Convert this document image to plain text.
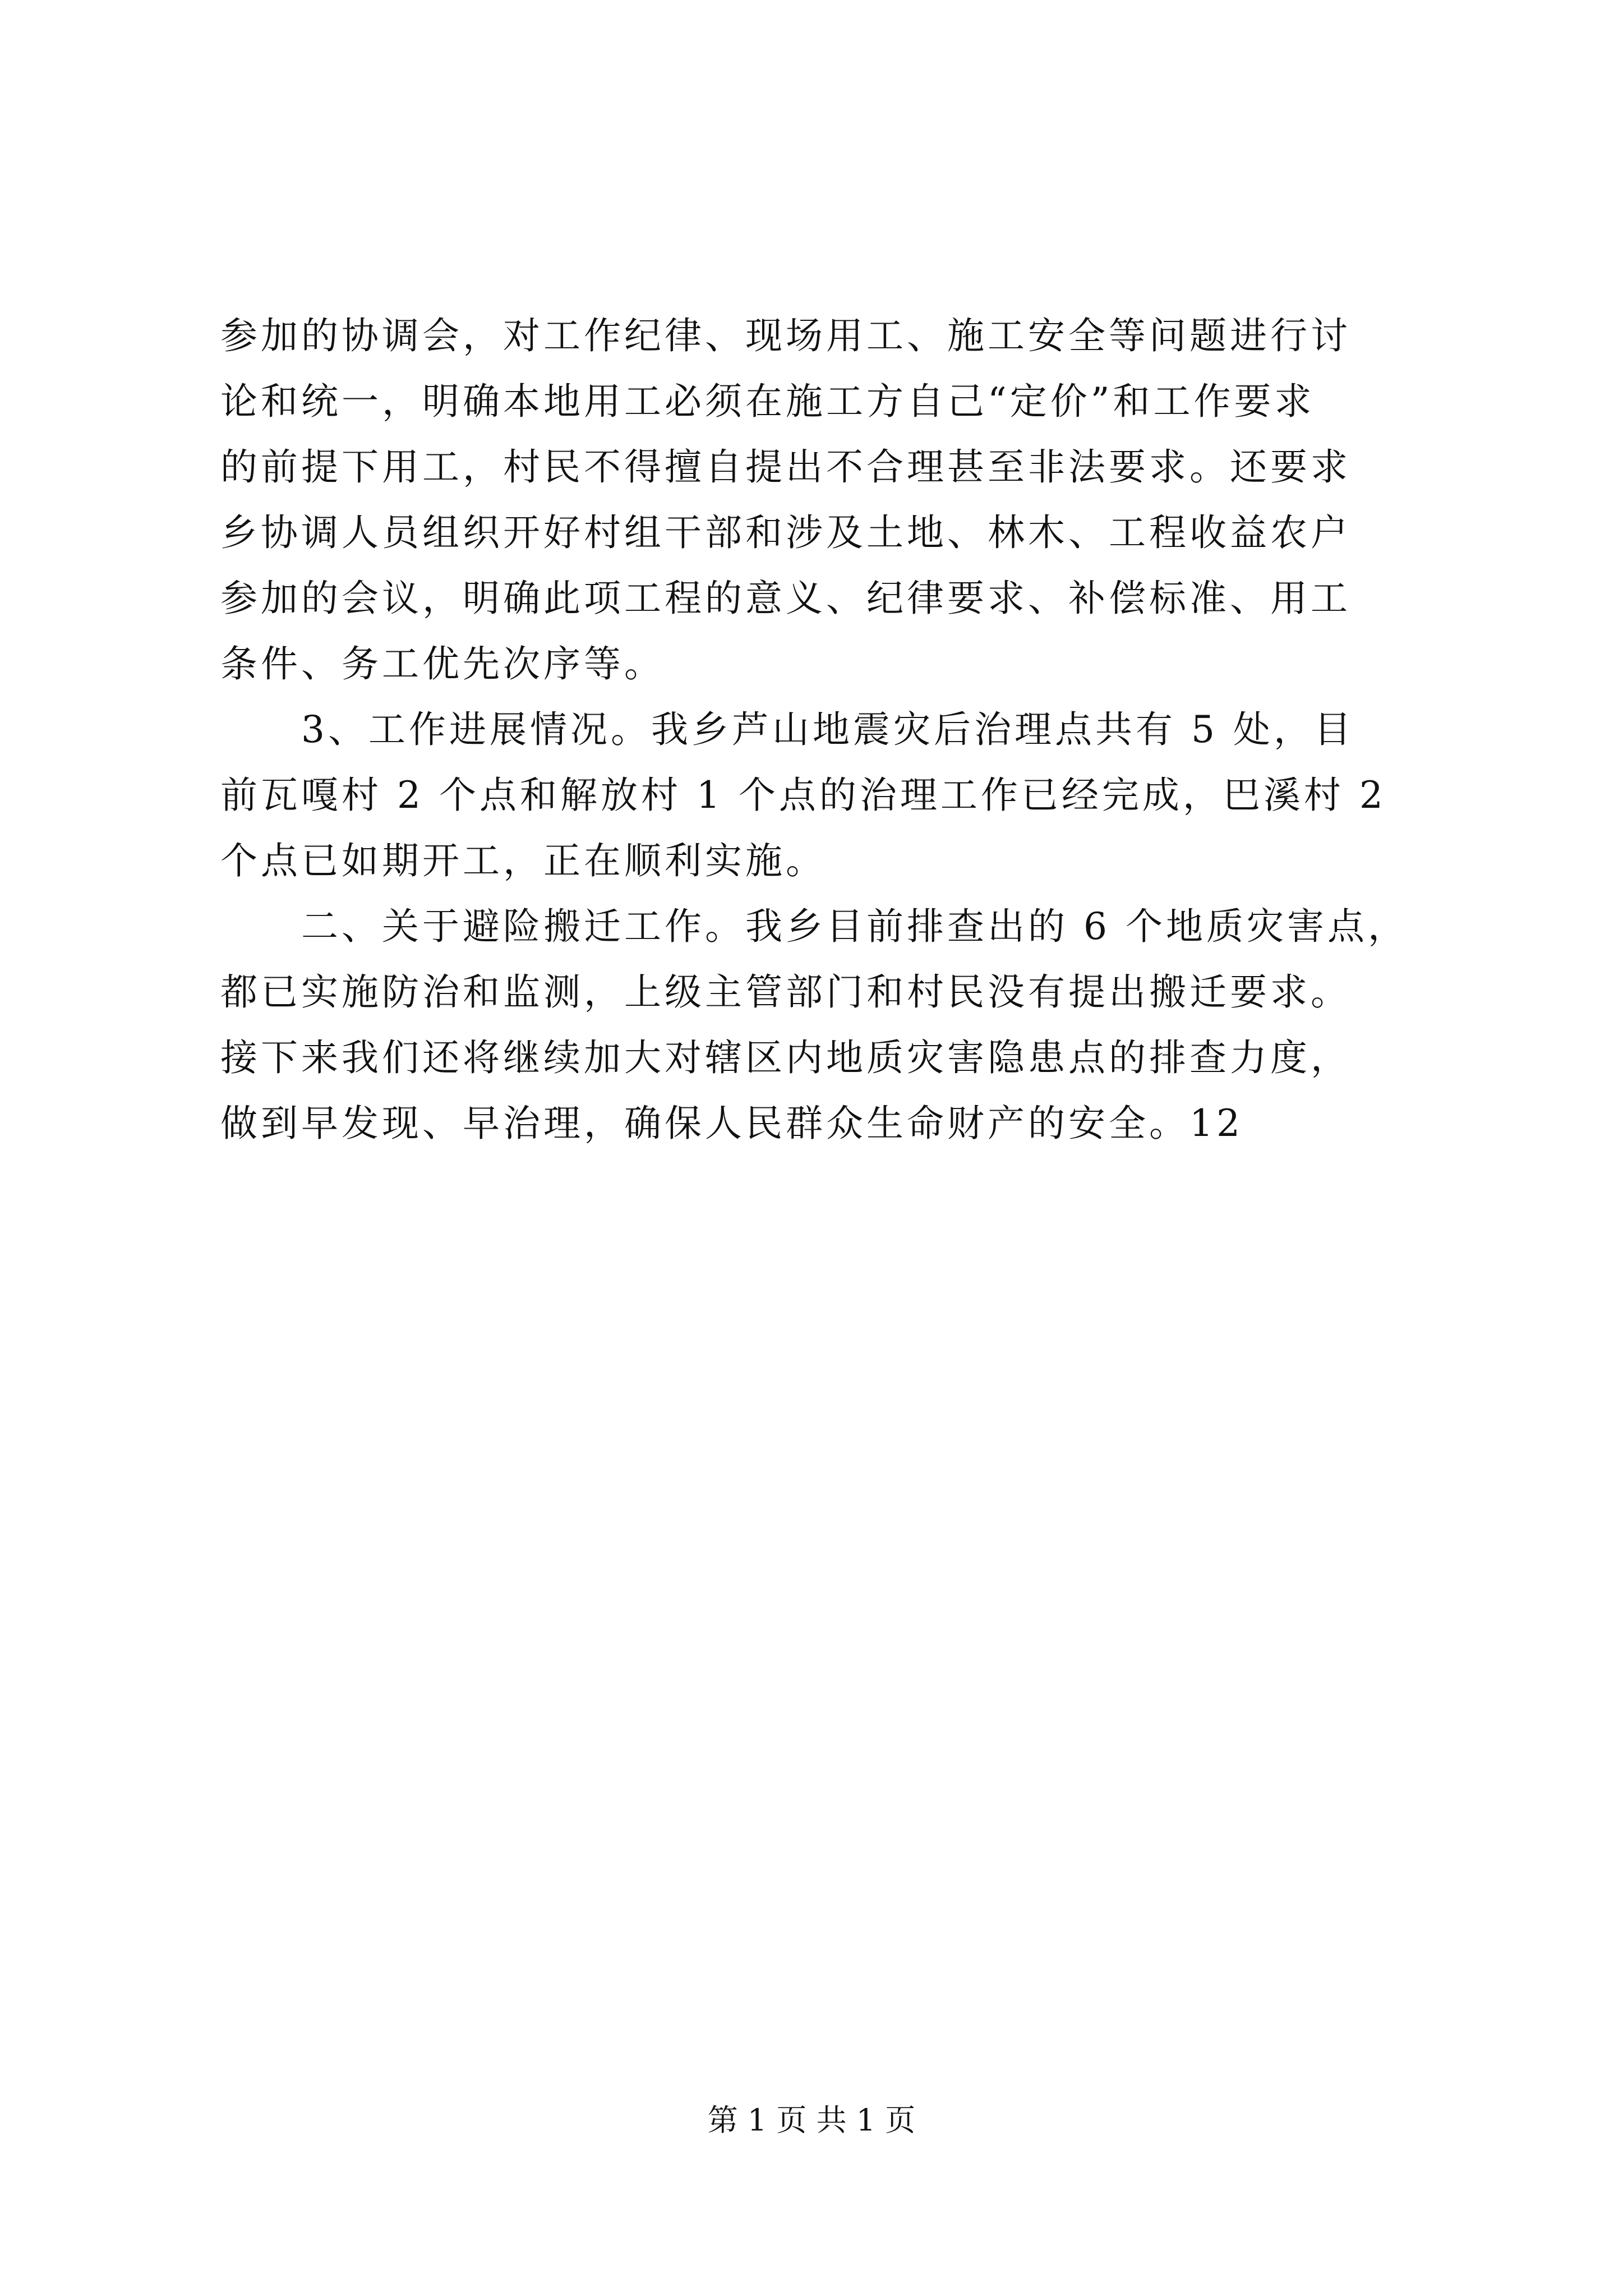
参加的协调会，对工作纪律、现场用工、施工安全等问题进行讨
论和统一，明确本地用工必须在施工方自己“定价”和工作要求
的前提下用工，村民不得擅自提出不合理甚至非法要求。还要求
乡协调人员组织开好村组干部和涉及土地、林木、工程收益农户
参加的会议，明确此项工程的意义、纪律要求、补偿标准、用工
条件、务工优先次序等。

　　3、工作进展情况。我乡芦山地震灾后治理点共有 5 处，目
前瓦嘎村 2 个点和解放村 1 个点的治理工作已经完成，巴溪村 2
个点已如期开工，正在顺利实施。

　　二、关于避险搬迁工作。我乡目前排查出的 6 个地质灾害点，
都已实施防治和监测，上级主管部门和村民没有提出搬迁要求。
接下来我们还将继续加大对辖区内地质灾害隐患点的排查力度，
做到早发现、早治理，确保人民群众生命财产的安全。12

第 1 页 共 1 页
